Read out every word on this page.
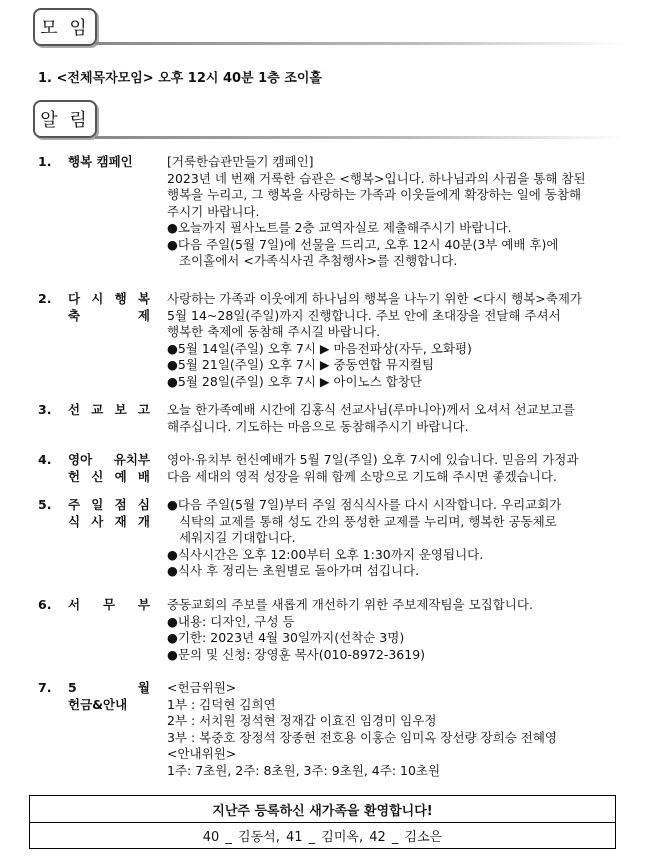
모 임
1. <전체목자모임> 오후 12시 40분 1층 조이홀
알 림
1. 행복 캠페인	[거룩한습관만들기 캠페인]

2023년 네 번째 거룩한 습관은 <행복>입니다. 하나님과의 사귐을 통해 참된

행복을 누리고, 그 행복을 사랑하는 가족과 이웃들에게 확장하는 일에 동참해

주시기 바랍니다.

●오늘까지 필사노트를 2층 교역자실로 제출해주시기 바랍니다.

●다음 주일(5월 7일)에 선물을 드리고, 오후 12시 40분(3부 예배 후)에

조이홀에서 <가족식사권 추첨행사>를 진행합니다.

2. 다 시 행 복
축 제

사랑하는 가족과 이웃에게 하나님의 행복을 나누기 위한 <다시 행복>축제가

5월 14~28일(주일)까지 진행합니다. 주보 안에 초대장을 전달해 주셔서

행복한 축제에 동참해 주시길 바랍니다.

●5월 14일(주일) 오후 7시 ▶ 마음전파상(자두, 오화평)

●5월 21일(주일) 오후 7시 ▶ 중동연합 뮤지컬팀

●5월 28일(주일) 오후 7시 ▶ 아이노스 합창단

3. 선 교 보 고 오늘 한가족예배 시간에 김홍식 선교사님(루마니아)께서 오셔서 선교보고를

해주십니다. 기도하는 마음으로 동참해주시기 바랍니다.

4. 영아 유치부
헌 신 예 배

영아·유치부 헌신예배가 5월 7일(주일) 오후 7시에 있습니다. 믿음의 가정과

다음 세대의 영적 성장을 위해 함께 소망으로 기도해 주시면 좋겠습니다.

5. 주 일 점 심
식 사 재 개

●다음 주일(5월 7일)부터 주일 점식식사를 다시 시작합니다. 우리교회가

식탁의 교제를 통해 성도 간의 풍성한 교제를 누리며, 행복한 공동체로

세워지길 기대합니다.

●식사시간은 오후 12:00부터 오후 1:30까지 운영됩니다.

●식사 후 정리는 초원별로 돌아가며 섬깁니다.

6. 서 무 부 중동교회의 주보를 새롭게 개선하기 위한 주보제작팀을 모집합니다.

●내용: 디자인, 구성 등

●기한: 2023년 4월 30일까지(선착순 3명)

●문의 및 신청: 장영훈 목사(010-8972-3619)

7. 5 월
헌금&안내

<헌금위원>

1부 : 김덕현 김희연

2부 : 서치원 정석현 정재갑 이효진 임경미 임우정

3부 : 복중호 장정석 장종현 전호용 이홍순 임미옥 장선량 장희승 전혜영

<안내위원>

1주: 7초원, 2주: 8초원, 3주: 9초원, 4주: 10초원

지난주 등록하신 새가족을 환영합니다!
40 _ 김동석, 41 _ 김미옥, 42 _ 김소은
